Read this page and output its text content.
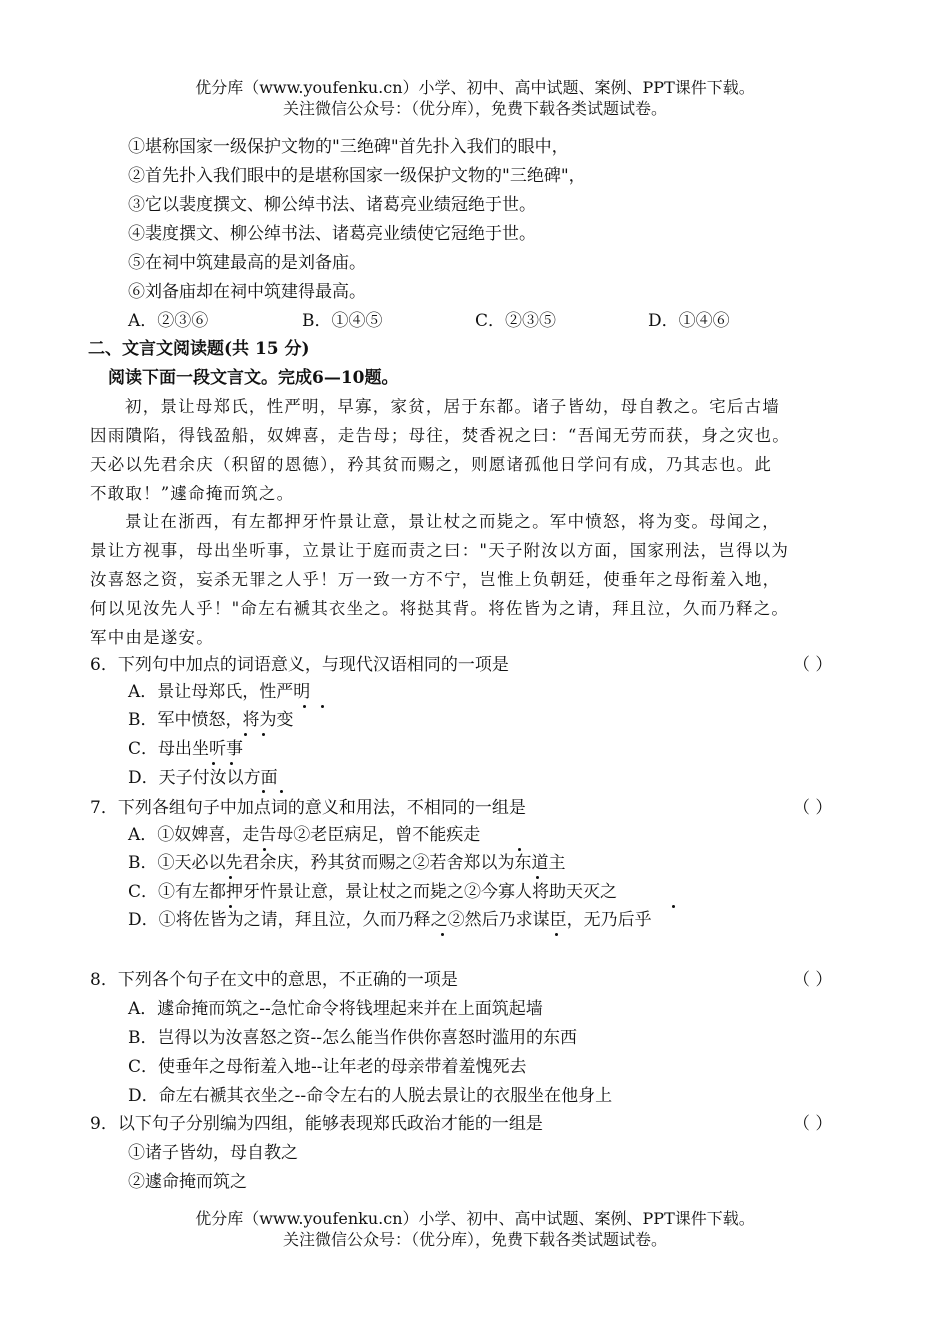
优分库（www.youfenku.cn）小学、初中、高中试题、案例、PPT课件下载。
关注微信公众号：（优分库），免费下载各类试题试卷。
①堪称国家一级保护文物的"三绝碑"首先扑入我们的眼中，
②首先扑入我们眼中的是堪称国家一级保护文物的"三绝碑"，
③它以裴度撰文、柳公绰书法、诸葛亮业绩冠绝于世。
④裴度撰文、柳公绰书法、诸葛亮业绩使它冠绝于世。
⑤在祠中筑建最高的是刘备庙。
⑥刘备庙却在祠中筑建得最高。
A．②③⑥	B．①④⑤	C．②③⑤	D．①④⑥
二、文言文阅读题(共 15 分)
阅读下面一段文言文。完成6—10题。
初，景让母郑氏，性严明，早寡，家贫，居于东都。诸子皆幼，母自教之。宅后古墙
因雨隤陷，得钱盈船，奴婢喜，走告母；母往，焚香祝之曰：“吾闻无劳而获，身之灾也。
天必以先君余庆（积留的恩德），矜其贫而赐之，则愿诸孤他日学问有成，乃其志也。此
不敢取！”遽命掩而筑之。
景让在浙西，有左都押牙忤景让意，景让杖之而毙之。军中愤怒，将为变。母闻之，
景让方视事，母出坐听事，立景让于庭而责之曰："天子附汝以方面，国家刑法，岂得以为
汝喜怒之资，妄杀无罪之人乎！万一致一方不宁，岂惟上负朝廷，使垂年之母衔羞入地，
何以见汝先人乎！"命左右褫其衣坐之。将挞其背。将佐皆为之请，拜且泣，久而乃释之。
军中由是遂安。
6．下列句中加点的词语意义，与现代汉语相同的一项是	（ ）
A．景让母郑氏，性严明
B．军中愤怒，将为变
C．母出坐听事
D．天子付汝以方面
7．下列各组句子中加点词的意义和用法，不相同的一组是	（ ）
A．①奴婢喜，走告母②老臣病足，曾不能疾走
B．①天必以先君余庆，矜其贫而赐之②若舍郑以为东道主
C．①有左都押牙忤景让意，景让杖之而毙之②今寡人将助天灭之
D．①将佐皆为之请，拜且泣，久而乃释之②然后乃求谋臣，无乃后乎
8．下列各个句子在文中的意思，不正确的一项是	（ ）
A．遽命掩而筑之--急忙命令将钱埋起来并在上面筑起墙
B．岂得以为汝喜怒之资--怎么能当作供你喜怒时滥用的东西
C．使垂年之母衔羞入地--让年老的母亲带着羞愧死去
D．命左右褫其衣坐之--命令左右的人脱去景让的衣服坐在他身上
9．以下句子分别编为四组，能够表现郑氏政治才能的一组是	（ ）
①诸子皆幼，母自教之
②遽命掩而筑之
优分库（www.youfenku.cn）小学、初中、高中试题、案例、PPT课件下载。
关注微信公众号：（优分库），免费下载各类试题试卷。
